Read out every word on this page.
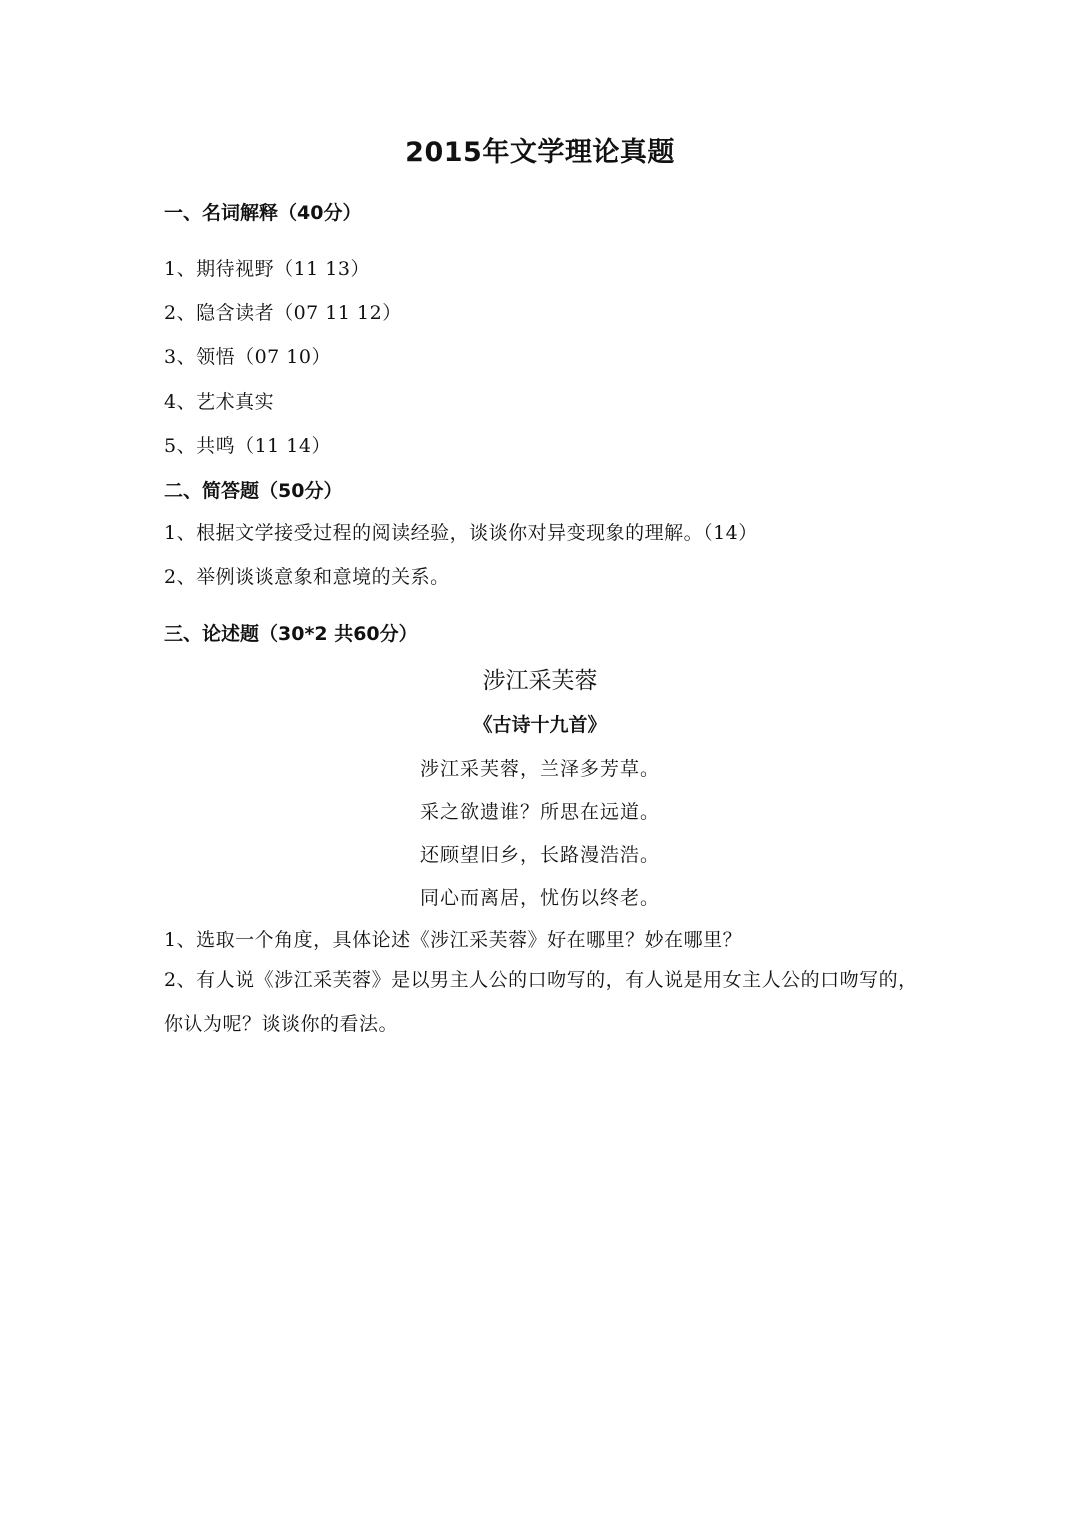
2015年文学理论真题

一、名词解释（40分）

1、期待视野（11 13）

2、隐含读者（07 11 12）

3、领悟（07 10）

4、艺术真实

5、共鸣（11 14）

二、简答题（50分）

1、根据文学接受过程的阅读经验，谈谈你对异变现象的理解。（14）

2、举例谈谈意象和意境的关系。

三、论述题（30*2 共60分）

涉江采芙蓉

《古诗十九首》

涉江采芙蓉，兰泽多芳草。

采之欲遗谁？所思在远道。

还顾望旧乡，长路漫浩浩。

同心而离居，忧伤以终老。

1、选取一个角度，具体论述《涉江采芙蓉》好在哪里？妙在哪里？

2、有人说《涉江采芙蓉》是以男主人公的口吻写的，有人说是用女主人公的口吻写的，你认为呢？谈谈你的看法。
